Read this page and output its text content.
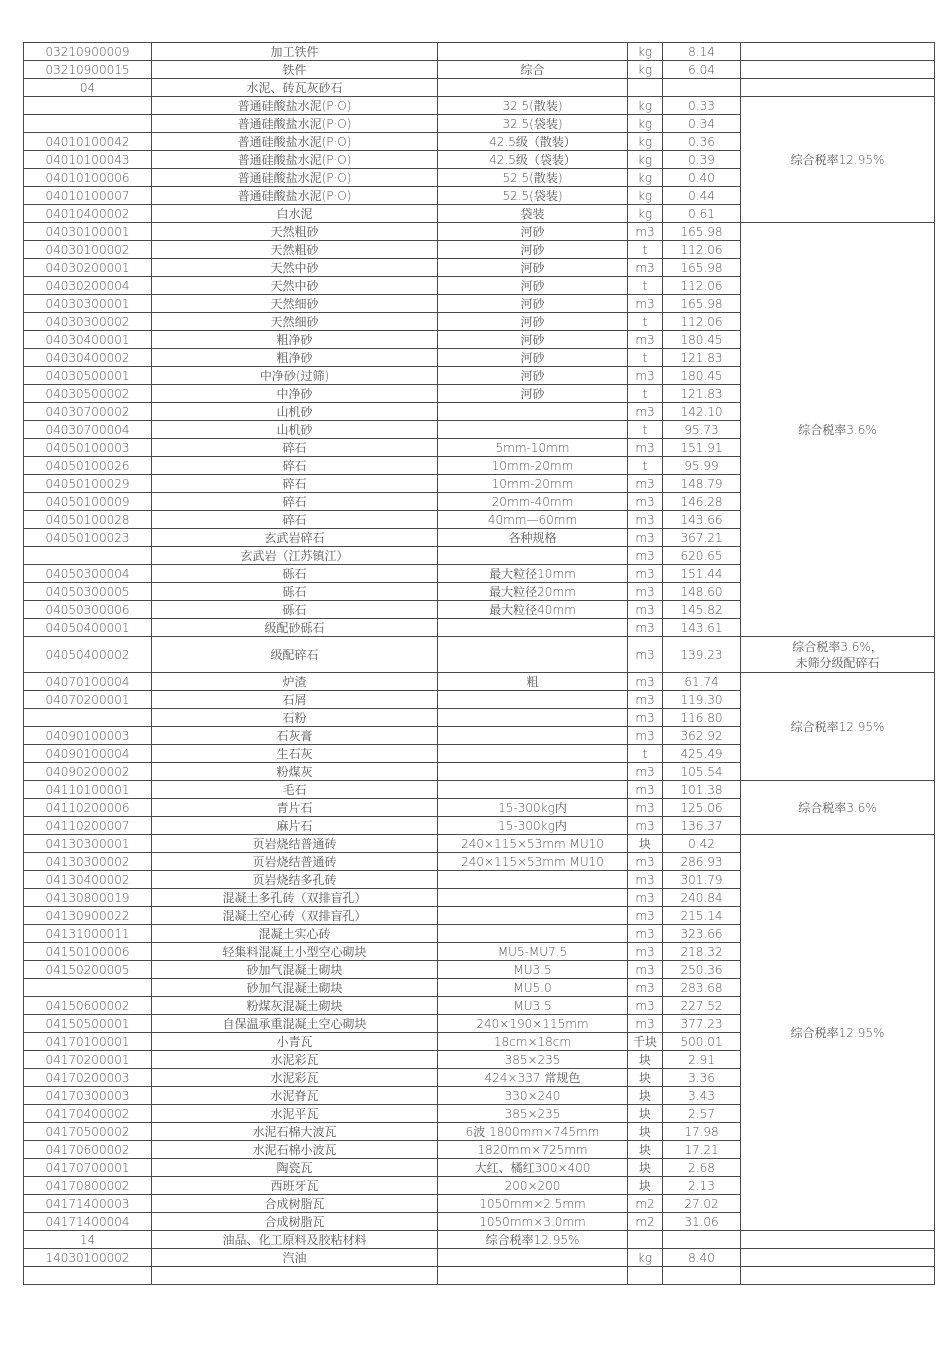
03210900009	加工铁件		kg	8.14	
03210900015	铁件	综合	kg	6.04	
04	水泥、砖瓦灰砂石				
	普通硅酸盐水泥(P·O)	32.5(散装)	kg	0.33	综合税率12.95%

	普通硅酸盐水泥(P·O)	32.5(袋装)	kg	0.34	
04010100042	普通硅酸盐水泥(P·O)	42.5级（散装）	kg	0.36	
04010100043	普通硅酸盐水泥(P·O)	42.5级（袋装）	kg	0.39	
04010100006	普通硅酸盐水泥(P·O)	52.5(散装)	kg	0.40	
04010100007	普通硅酸盐水泥(P·O)	52.5(袋装)	kg	0.44	
04010400002	白水泥	袋装	kg	0.61	
04030100001	天然粗砂	河砂	m3	165.98	综合税率3.6%

04030100002	天然粗砂	河砂	t	112.06	
04030200001	天然中砂	河砂	m3	165.98	
04030200004	天然中砂	河砂	t	112.06	
04030300001	天然细砂	河砂	m3	165.98	
04030300002	天然细砂	河砂	t	112.06	
04030400001	粗净砂	河砂	m3	180.45	
04030400002	粗净砂	河砂	t	121.83	
04030500001	中净砂(过筛)	河砂	m3	180.45	
04030500002	中净砂	河砂	t	121.83	
04030700002	山机砂		m3	142.10	
04030700004	山机砂		t	95.73	
04050100003	碎石	5mm-10mm	m3	151.91	
04050100026	碎石	10mm-20mm	t	95.99	
04050100029	碎石	10mm-20mm	m3	148.79	
04050100009	碎石	20mm-40mm	m3	146.28	
04050100028	碎石	40mm—60mm	m3	143.66	
04050100023	玄武岩碎石	各种规格	m3	367.21	
	玄武岩（江苏镇江）		m3	620.65	
04050300004	砾石	最大粒径10mm	m3	151.44	
04050300005	砾石	最大粒径20mm	m3	148.60	
04050300006	砾石	最大粒径40mm	m3	145.82	
04050400001	级配砂砾石		m3	143.61	
04050400002	级配碎石		m3	139.23	综合税率3.6%，
未筛分级配碎石

04070100004	炉渣	粗	m3	61.74	综合税率12.95%

04070200001	石屑		m3	119.30	
	石粉		m3	116.80	
04090100003	石灰膏		m3	362.92	
04090100004	生石灰		t	425.49	
04090200002	粉煤灰		m3	105.54	
04110100001	毛石		m3	101.38	综合税率3.6%

04110200006	青片石	15-300kg内	m3	125.06	
04110200007	麻片石	15-300kg内	m3	136.37	
04130300001	页岩烧结普通砖	240×115×53mm MU10	块	0.42	综合税率12.95%

04130300002	页岩烧结普通砖	240×115×53mm MU10	m3	286.93	
04130400002	页岩烧结多孔砖		m3	301.79	
04130800019	混凝土多孔砖（双排盲孔）		m3	240.84	
04130900022	混凝土空心砖（双排盲孔）		m3	215.14	
04131000011	混凝土实心砖		m3	323.66	
04150100006	轻集料混凝土小型空心砌块	MU5-MU7.5	m3	218.32	
04150200005	砂加气混凝土砌块	MU3.5	m3	250.36	
	砂加气混凝土砌块	MU5.0	m3	283.68	
04150600002	粉煤灰混凝土砌块	MU3.5	m3	227.52	
04150500001	自保温承重混凝土空心砌块	240×190×115mm	m3	377.23	
04170100001	小青瓦	18cm×18cm	千块	500.01	
04170200001	水泥彩瓦	385×235	块	2.91	
04170200003	水泥彩瓦	424×337 常规色	块	3.36	
04170300003	水泥脊瓦	330×240	块	3.43	
04170400002	水泥平瓦	385×235	块	2.57	
04170500002	水泥石棉大波瓦	6波 1800mm×745mm	块	17.98	
04170600002	水泥石棉小波瓦	1820mm×725mm	块	17.21	
04170700001	陶瓷瓦	大红、橘红300×400	块	2.68	
04170800002	西班牙瓦	200×200	块	2.13	
04171400003	合成树脂瓦	1050mm×2.5mm	m2	27.02	
04171400004	合成树脂瓦	1050mm×3.0mm	m2	31.06	
14	油品、化工原料及胶粘材料	综合税率12.95%			
14030100002	汽油		kg	8.40	
